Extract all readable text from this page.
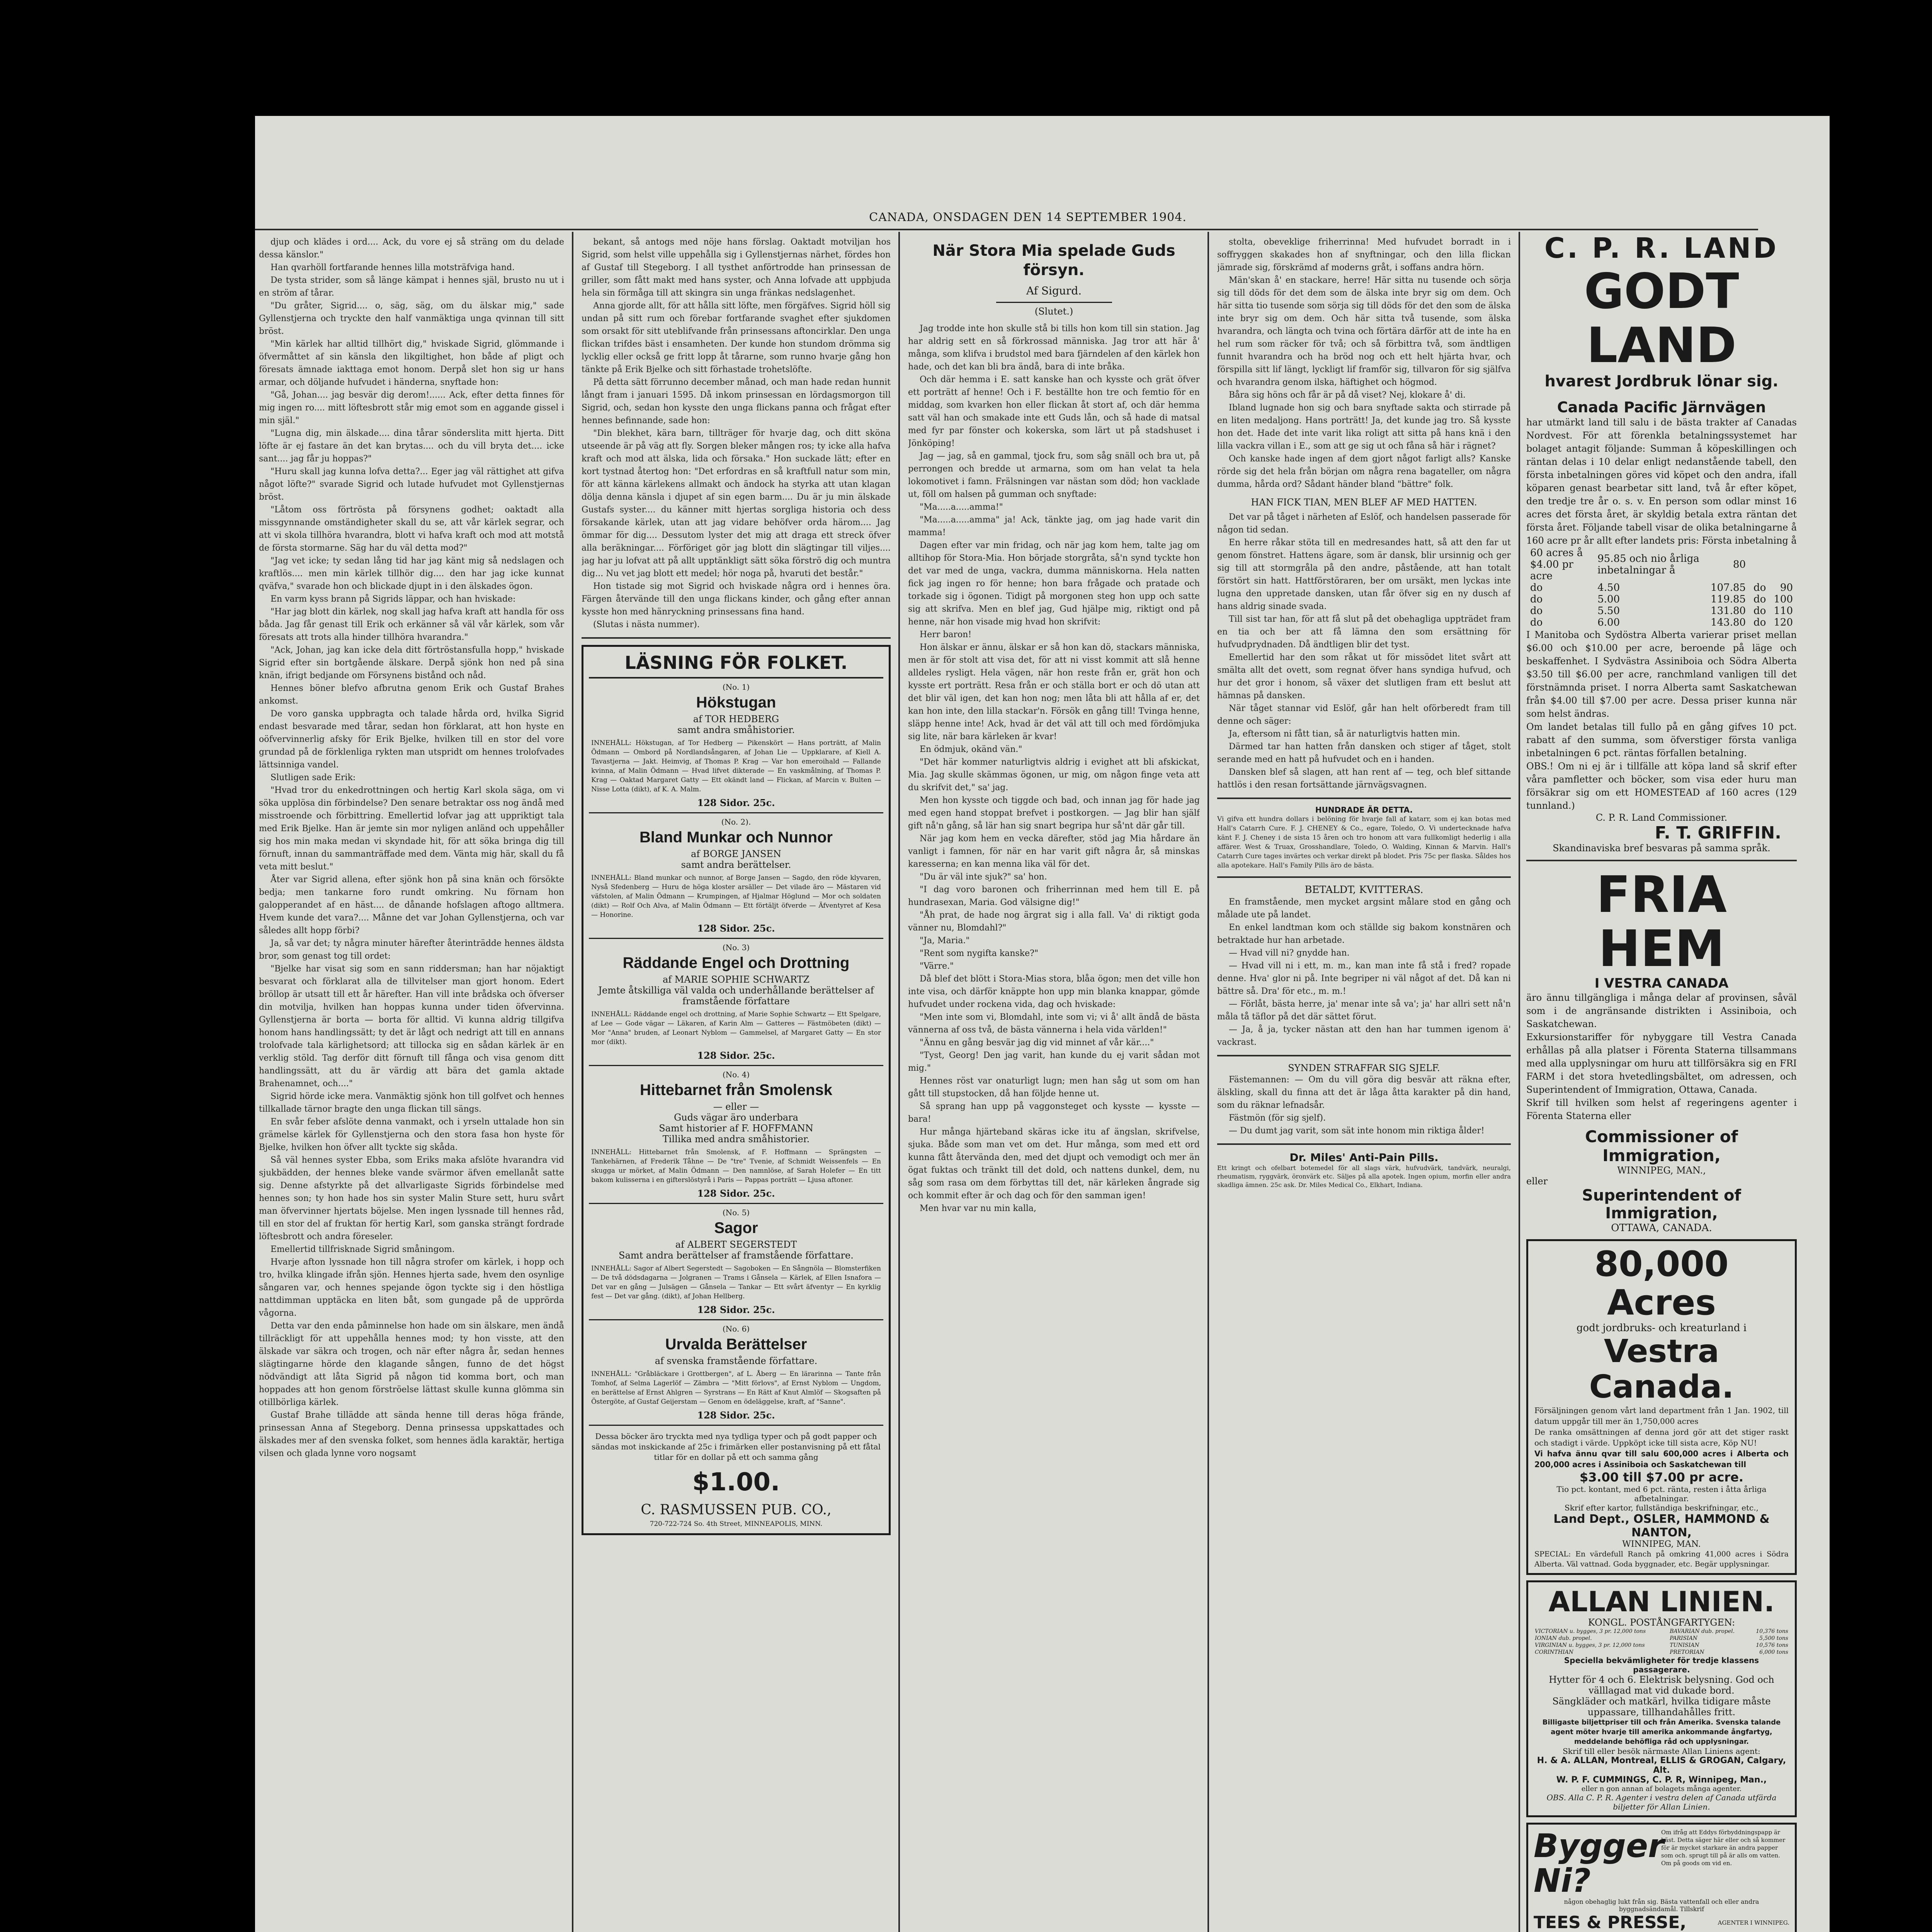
CANADA, ONSDAGEN DEN 14 SEPTEMBER 1904.

djup och klädes i ord.... Ack, du vore ej så sträng om du delade dessa känslor."

Han qvarhöll fortfarande hennes lilla motsträfviga hand.

De tysta strider, som så länge kämpat i hennes själ, brusto nu ut i en ström af tårar.

"Du gråter, Sigrid.... o, säg, säg, om du älskar mig," sade Gyllenstjerna och tryckte den half vanmäktiga unga qvinnan till sitt bröst.

"Min kärlek har alltid tillhört dig," hviskade Sigrid, glömmande i öfvermåttet af sin känsla den likgiltighet, hon både af pligt och föresats ämnade iakttaga emot honom. Derpå slet hon sig ur hans armar, och döljande hufvudet i händerna, snyftade hon:

"Gå, Johan.... jag besvär dig derom!...... Ack, efter detta finnes för mig ingen ro.... mitt löftesbrott står mig emot som en aggande gissel i min själ."

"Lugna dig, min älskade.... dina tårar sönderslita mitt hjerta. Ditt löfte är ej fastare än det kan brytas.... och du vill bryta det.... icke sant.... jag får ju hoppas?"

"Huru skall jag kunna lofva detta?... Eger jag väl rättighet att gifva något löfte?" svarade Sigrid och lutade hufvudet mot Gyllenstjernas bröst.

"Låtom oss förtrösta på försynens godhet; oaktadt alla missgynnande omständigheter skall du se, att vår kärlek segrar, och att vi skola tillhöra hvarandra, blott vi hafva kraft och mod att motstå de första stormarne. Säg har du väl detta mod?"

"Jag vet icke; ty sedan lång tid har jag känt mig så nedslagen och kraftlös.... men min kärlek tillhör dig.... den har jag icke kunnat qväfva," svarade hon och blickade djupt in i den älskades ögon.

En varm kyss brann på Sigrids läppar, och han hviskade:

"Har jag blott din kärlek, nog skall jag hafva kraft att handla för oss båda. Jag får genast till Erik och erkänner så väl vår kärlek, som vår föresats att trots alla hinder tillhöra hvarandra."

"Ack, Johan, jag kan icke dela ditt förtröstansfulla hopp," hviskade Sigrid efter sin bortgående älskare. Derpå sjönk hon ned på sina knän, ifrigt bedjande om Försynens bistånd och nåd.

Hennes böner blefvo afbrutna genom Erik och Gustaf Brahes ankomst.

De voro ganska uppbragta och talade hårda ord, hvilka Sigrid endast besvarade med tårar, sedan hon förklarat, att hon hyste en oöfvervinnerlig afsky för Erik Bjelke, hvilken till en stor del vore grundad på de förklenliga rykten man utspridt om hennes trolofvades lättsinniga vandel.

Slutligen sade Erik:

"Hvad tror du enkedrottningen och hertig Karl skola säga, om vi söka upplösa din förbindelse? Den senare betraktar oss nog ändå med misstroende och förbittring. Emellertid lofvar jag att uppriktigt tala med Erik Bjelke. Han är jemte sin mor nyligen anländ och uppehåller sig hos min maka medan vi skyndade hit, för att söka bringa dig till förnuft, innan du sammanträffade med dem. Vänta mig här, skall du få veta mitt beslut."

Åter var Sigrid allena, efter sjönk hon på sina knän och försökte bedja; men tankarne foro rundt omkring. Nu förnam hon galopperandet af en häst.... de dånande hofslagen aftogo alltmera. Hvem kunde det vara?.... Månne det var Johan Gyllenstjerna, och var således allt hopp förbi?

Ja, så var det; ty några minuter härefter återinträdde hennes äldsta bror, som genast tog till ordet:

"Bjelke har visat sig som en sann riddersman; han har nöjaktigt besvarat och förklarat alla de tillvitelser man gjort honom. Edert bröllop är utsatt till ett år härefter. Han vill inte brådska och öfverser din motvilja, hvilken han hoppas kunna under tiden öfvervinna. Gyllenstjerna är borta — borta för alltid. Vi kunna aldrig tillgifva honom hans handlingssätt; ty det är lågt och nedrigt att till en annans trolofvade tala kärlighetsord; att tillocka sig en sådan kärlek är en verklig stöld. Tag derför ditt förnuft till fånga och visa genom ditt handlingssätt, att du är värdig att bära det gamla aktade Brahenamnet, och...."

Sigrid hörde icke mera. Vanmäktig sjönk hon till golfvet och hennes tillkallade tärnor bragte den unga flickan till sängs.

En svår feber afslöte denna vanmakt, och i yrseln uttalade hon sin grämelse kärlek för Gyllenstjerna och den stora fasa hon hyste för Bjelke, hvilken hon öfver allt tyckte sig skåda.

Så väl hennes syster Ebba, som Eriks maka afslöte hvarandra vid sjukbädden, der hennes bleke vande svärmor äfven emellanåt satte sig. Denne afstyrkte på det allvarligaste Sigrids förbindelse med hennes son; ty hon hade hos sin syster Malin Sture sett, huru svårt man öfvervinner hjertats böjelse. Men ingen lyssnade till hennes råd, till en stor del af fruktan för hertig Karl, som ganska strängt fordrade löftesbrott och andra föreseler.

Emellertid tillfrisknade Sigrid småningom.

Hvarje afton lyssnade hon till några strofer om kärlek, i hopp och tro, hvilka klingade ifrån sjön. Hennes hjerta sade, hvem den osynlige sångaren var, och hennes spejande ögon tyckte sig i den höstliga nattdimman upptäcka en liten båt, som gungade på de upprörda vågorna.

Detta var den enda påminnelse hon hade om sin älskare, men ändå tillräckligt för att uppehålla hennes mod; ty hon visste, att den älskade var säkra och trogen, och när efter några år, sedan hennes slägtingarne hörde den klagande sången, funno de det högst nödvändigt att låta Sigrid på någon tid komma bort, och man hoppades att hon genom förströelse lättast skulle kunna glömma sin otillbörliga kärlek.

Gustaf Brahe tillädde att sända henne till deras höga frände, prinsessan Anna af Stegeborg. Denna prinsessa uppskattades och älskades mer af den svenska folket, som hennes ädla karaktär, hertiga vilsen och glada lynne voro nogsamt

bekant, så antogs med nöje hans förslag. Oaktadt motviljan hos Sigrid, som helst ville uppehålla sig i Gyllenstjernas närhet, fördes hon af Gustaf till Stegeborg. I all tysthet anförtrodde han prinsessan de griller, som fått makt med hans syster, och Anna lofvade att uppbjuda hela sin förmåga till att skingra sin unga fränkas nedslagenhet.

Anna gjorde allt, för att hålla sitt löfte, men förgäfves. Sigrid höll sig undan på sitt rum och förebar fortfarande svaghet efter sjukdomen som orsakt för sitt uteblifvande från prinsessans aftoncirklar. Den unga flickan trifdes bäst i ensamheten. Der kunde hon stundom drömma sig lycklig eller också ge fritt lopp åt tårarne, som runno hvarje gång hon tänkte på Erik Bjelke och sitt förhastade trohetslöfte.

På detta sätt förrunno december månad, och man hade redan hunnit långt fram i januari 1595. Då inkom prinsessan en lördagsmorgon till Sigrid, och, sedan hon kysste den unga flickans panna och frågat efter hennes befinnande, sade hon:

"Din blekhet, kära barn, tillträger för hvarje dag, och ditt sköna utseende är på väg att fly. Sorgen bleker mången ros; ty icke alla hafva kraft och mod att älska, lida och försaka." Hon suckade lätt; efter en kort tystnad återtog hon: "Det erfordras en så kraftfull natur som min, för att känna kärlekens allmakt och ändock ha styrka att utan klagan dölja denna känsla i djupet af sin egen barm.... Du är ju min älskade Gustafs syster.... du känner mitt hjertas sorgliga historia och dess försakande kärlek, utan att jag vidare behöfver orda härom.... Jag ömmar för dig.... Dessutom lyster det mig att draga ett streck öfver alla beräkningar.... Förföriget gör jag blott din slägtingar till viljes.... jag har ju lofvat att på allt upptänkligt sätt söka förströ dig och muntra dig... Nu vet jag blott ett medel; hör noga på, hvaruti det består."

Hon tistade sig mot Sigrid och hviskade några ord i hennes öra. Färgen återvände till den unga flickans kinder, och gång efter annan kysste hon med hänryckning prinsessans fina hand.

(Slutas i nästa nummer).

LÄSNING FÖR FOLKET.
(No. 1)
Hökstugan
af TOR HEDBERG
samt andra småhistorier.
INNEHÅLL: Hökstugan, af Tor Hedberg — Pikenskört — Hans porträtt, af Malin Ödmann — Ombord på Nordlandsångaren, af Johan Lie — Uppklarare, af Kiell A. Tavastjerna — Jakt. Heimvig, af Thomas P. Krag — Var hon emeroihald — Fallande kvinna, af Malin Ödmann — Hvad lifvet dikterade — En vaskmålning, af Thomas P. Krag — Oaktad Margaret Gatty — Ett okändt land — Flickan, af Marcin v. Bulten — Nisse Lotta (dikt), af K. A. Malm.
128 Sidor. 25c.
(No. 2).
Bland Munkar och Nunnor
af BORGE JANSEN
samt andra berättelser.
INNEHÅLL: Bland munkar och nunnor, af Borge Jansen — Sagdo, den röde klyvaren, Nyså Sfedenberg — Huru de höga kloster arsäller — Det vilade äro — Mästaren vid väfstolen, af Malin Ödmann — Krumpingen, af Hjalmar Höglund — Mor och soldaten (dikt) — Rolf Och Alva, af Malin Ödmann — Ett förtäljt öfverde — Äfventyret af Kesa — Honorine.
128 Sidor. 25c.
(No. 3)
Räddande Engel och Drottning
af MARIE SOPHIE SCHWARTZ
Jemte åtskilliga väl valda och underhållande berättelser af framstående författare
INNEHÅLL: Räddande engel och drottning, af Marie Sophie Schwartz — Ett Spelgare, af Lee — Gode vägar — Läkaren, af Karin Alm — Gatteres — Fästmöbeten (dikt) — Mor "Anna" bruden, af Leonart Nyblom — Gammelsel, af Margaret Gatty — En stor mor (dikt).
128 Sidor. 25c.
(No. 4)
Hittebarnet från Smolensk
— eller —
Guds vägar äro underbara
Samt historier af F. HOFFMANN
Tillika med andra småhistorier.
INNEHÅLL: Hittebarnet från Smolensk, af F. Hoffmann — Sprängsten — Tankehärnen, af Frederik Tåhne — De "tre" Tvenie, af Schmidt Weissenfels — En skugga ur mörket, af Malin Ödmann — Den namnlöse, af Sarah Holefer — En titt bakom kulisserna i en gifterslöstyrå i Paris — Pappas porträtt — Ljusa aftoner.
128 Sidor. 25c.
(No. 5)
Sagor
af ALBERT SEGERSTEDT
Samt andra berättelser af framstående författare.
INNEHÅLL: Sagor af Albert Segerstedt — Sagoboken — En Sångnöla — Blomsterfiken — De två dödsdagarna — Jolgranen — Trams i Gånsela — Kärlek, af Ellen Isnafora — Det var en gång — Julsägen — Gånsela — Tankar — Ett svårt äfventyr — En kyrklig fest — Det var gång. (dikt), af Johan Hellberg.
128 Sidor. 25c.
(No. 6)
Urvalda Berättelser
af svenska framstående författare.
INNEHÅLL: "Gråbläckare i Grottbergen", af L. Åberg — En lärarinna — Tante från Tomhof, af Selma Lagerlöf — Zämbra — "Mitt förlovs", af Ernst Nyblom — Ungdom, en berättelse af Ernst Ahlgren — Syrstrans — En Rätt af Knut Almlöf — Skogsaften på Östergöte, af Gustaf Geijerstam — Genom en ödeläggelse, kraft, af "Sanne".
128 Sidor. 25c.
Dessa böcker äro tryckta med nya tydliga typer och på godt papper och sändas mot inskickande af 25c i frimärken eller postanvisning på ett fåtal titlar för en dollar på ett och samma gång
$1.00.
C. RASMUSSEN PUB. CO.,
720-722-724 So. 4th Street, MINNEAPOLIS, MINN.
När Stora Mia spelade Guds försyn.
Af Sigurd.
(Slutet.)

Jag trodde inte hon skulle stå bi tills hon kom till sin station. Jag har aldrig sett en så förkrossad människa. Jag tror att här å' många, som klifva i brudstol med bara fjärndelen af den kärlek hon hade, och det kan bli bra ändå, bara di inte bråka.

Och där hemma i E. satt kanske han och kysste och grät öfver ett porträtt af henne! Och i F. beställte hon tre och femtio för en middag, som kvarken hon eller flickan åt stort af, och där hemma satt väl han och smakade inte ett Guds lån, och så hade di matsal med fyr par fönster och kokerska, som lärt ut på stadshuset i Jönköping!

Jag — jag, så en gammal, tjock fru, som såg snäll och bra ut, på perrongen och bredde ut armarna, som om han velat ta hela lokomotivet i famn. Frälsningen var nästan som död; hon vacklade ut, föll om halsen på gumman och snyftade:

"Ma.....a.....amma!"

"Ma.....a.....amma" ja! Ack, tänkte jag, om jag hade varit din mamma!

Dagen efter var min fridag, och när jag kom hem, talte jag om alltihop för Stora-Mia. Hon började storgråta, så'n synd tyckte hon det var med de unga, vackra, dumma människorna. Hela natten fick jag ingen ro för henne; hon bara frågade och pratade och torkade sig i ögonen. Tidigt på morgonen steg hon upp och satte sig att skrifva. Men en blef jag, Gud hjälpe mig, riktigt ond på henne, när hon visade mig hvad hon skrifvit:

Herr baron!

Hon älskar er ännu, älskar er så hon kan dö, stackars människa, men är för stolt att visa det, för att ni visst kommit att slå henne alldeles rysligt. Hela vägen, när hon reste från er, grät hon och kysste ert porträtt. Resa från er och ställa bort er och dö utan att det blir väl igen, det kan hon nog; men låta bli att hålla af er, det kan hon inte, den lilla stackar'n. Försök en gång till! Tvinga henne, släpp henne inte! Ack, hvad är det väl att till och med fördömjuka sig lite, när bara kärleken är kvar!

En ödmjuk, okänd vän."

"Det här kommer naturligtvis aldrig i evighet att bli afskickat, Mia. Jag skulle skämmas ögonen, ur mig, om någon finge veta att du skrifvit det," sa' jag.

Men hon kysste och tiggde och bad, och innan jag för hade jag med egen hand stoppat brefvet i postkorgen. — Jag blir han själf gift nå'n gång, så lär han sig snart begripa hur så'nt där går till.

När jag kom hem en vecka därefter, stöd jag Mia hårdare än vanligt i famnen, för när en har varit gift några år, så minskas karesserna; en kan menna lika väl för det.

"Du är väl inte sjuk?" sa' hon.

"I dag voro baronen och friherrinnan med hem till E. på hundrasexan, Maria. God välsigne dig!"

"Åh prat, de hade nog ärgrat sig i alla fall. Va' di riktigt goda vänner nu, Blomdahl?"

"Ja, Maria."

"Rent som nygifta kanske?"

"Värre."

Då blef det blött i Stora-Mias stora, blåa ögon; men det ville hon inte visa, och därför knäppte hon upp min blanka knappar, gömde hufvudet under rockena vida, dag och hviskade:

"Men inte som vi, Blomdahl, inte som vi; vi å' allt ändå de bästa vännerna af oss två, de bästa vännerna i hela vida världen!"

"Ännu en gång besvär jag dig vid minnet af vår kär...."

"Tyst, Georg! Den jag varit, han kunde du ej varit sådan mot mig."

Hennes röst var onaturligt lugn; men han såg ut som om han gått till stupstocken, då han följde henne ut.

Så sprang han upp på vaggonsteget och kysste — kysste — bara!

Hur många hjärteband skäras icke itu af ängslan, skrifvelse, sjuka. Både som man vet om det. Hur många, som med ett ord kunna fått återvända den, med det djupt och vemodigt och mer än ögat fuktas och tränkt till det dold, och nattens dunkel, dem, nu såg som rasa om dem förbyttas till det, när kärleken ångrade sig och kommit efter är och dag och för den samman igen!

Men hvar var nu min kalla,

stolta, obeveklige friherrinna! Med hufvudet borradt in i soffryggen skakades hon af snyftningar, och den lilla flickan jämrade sig, förskrämd af moderns gråt, i soffans andra hörn.

Män'skan å' en stackare, herre! Här sitta nu tusende och sörja sig till döds för det dem som de älska inte bryr sig om dem. Och här sitta tio tusende som sörja sig till döds för det den som de älska inte bryr sig om dem. Och här sitta två tusende, som älska hvarandra, och längta och tvina och förtära därför att de inte ha en hel rum som räcker för två; och så förbittra två, som ändtligen funnit hvarandra och ha bröd nog och ett helt hjärta hvar, och förspilla sitt lif längt, lyckligt lif framför sig, tillvaron för sig själfva och hvarandra genom ilska, häftighet och högmod.

Båra sig höns och får är på då viset? Nej, klokare å' di.

Ibland lugnade hon sig och bara snyftade sakta och stirrade på en liten medaljong. Hans porträtt! Ja, det kunde jag tro. Så kysste hon det. Hade det inte varit lika roligt att sitta på hans knä i den lilla vackra villan i E., som att ge sig ut och fåna så här i rägnet?

Och kanske hade ingen af dem gjort något farligt alls? Kanske rörde sig det hela från början om några rena bagateller, om några dumma, hårda ord? Sådant händer bland "bättre" folk.

HAN FICK TIAN, MEN BLEF AF MED HATTEN.

Det var på tåget i närheten af Eslöf, och handelsen passerade för någon tid sedan.

En herre råkar stöta till en medresandes hatt, så att den far ut genom fönstret. Hattens ägare, som är dansk, blir ursinnig och ger sig till att stormgråla på den andre, påstående, att han totalt förstört sin hatt. Hattförstöraren, ber om ursäkt, men lyckas inte lugna den uppretade dansken, utan får öfver sig en ny dusch af hans aldrig sinade svada.

Till sist tar han, för att få slut på det obehagliga uppträdet fram en tia och ber att få lämna den som ersättning för hufvudprydnaden. Då ändtligen blir det tyst.

Emellertid har den som råkat ut för missödet litet svårt att smälta allt det ovett, som regnat öfver hans syndiga hufvud, och hur det gror i honom, så växer det slutligen fram ett beslut att hämnas på dansken.

När tåget stannar vid Eslöf, går han helt oförberedt fram till denne och säger:

Ja, eftersom ni fått tian, så är naturligtvis hatten min.

Därmed tar han hatten från dansken och stiger af tåget, stolt serande med en hatt på hufvudet och en i handen.

Dansken blef så slagen, att han rent af — teg, och blef sittande hattlös i den resan fortsättande järnvägsvagnen.

HUNDRADE ÄR DETTA.
Vi gifva ett hundra dollars i belöning för hvarje fall af katarr, som ej kan botas med Hall's Catarrh Cure. F. J. CHENEY & Co., egare, Toledo, O. Vi undertecknade hafva känt F. J. Cheney i de sista 15 åren och tro honom att vara fullkomligt hederlig i alla affärer. West & Truax, Grosshandlare, Toledo, O. Walding, Kinnan & Marvin. Hall's Catarrh Cure tages invärtes och verkar direkt på blodet. Pris 75c per flaska. Såldes hos alla apotekare. Hall's Family Pills äro de bästa.
BETALDT, KVITTERAS.

En framstående, men mycket argsint målare stod en gång och målade ute på landet.

En enkel landtman kom och ställde sig bakom konstnären och betraktade hur han arbetade.

— Hvad vill ni? gnydde han.

— Hvad vill ni i ett, m. m., kan man inte få stå i fred? ropade denne. Hva' glor ni på. Inte begriper ni väl något af det. Då kan ni bättre så. Dra' för etc., m. m.!

— Förlåt, bästa herre, ja' menar inte så va'; ja' har allri sett nå'n måla tå täflor på det där sättet förut.

— Ja, å ja, tycker nästan att den han har tummen igenom ä' vackrast.

SYNDEN STRAFFAR SIG SJELF.

Fästemannen: — Om du vill göra dig besvär att räkna efter, älskling, skall du finna att det är låga åtta karakter på din hand, som du räknar lefnadsår.

Fästmön (för sig sjelf).

— Du dumt jag varit, som sät inte honom min riktiga ålder!

Dr. Miles' Anti-Pain Pills.
Ett kringt och ofelbart botemedel för all slags värk, hufvudvärk, tandvärk, neuralgi, rheumatism, ryggvärk, öronvärk etc. Säljes på alla apotek. Ingen opium, morfin eller andra skadliga ämnen. 25c ask. Dr. Miles Medical Co., Elkhart, Indiana.
C. P. R. LAND
GODT LAND
hvarest Jordbruk lönar sig.
Canada Pacific Järnvägen
har utmärkt land till salu i de bästa trakter af Canadas Nordvest. För att förenkla betalningssystemet har bolaget antagit följande: Summan å köpeskillingen och räntan delas i 10 delar enligt nedanstående tabell, den första inbetalningen göres vid köpet och den andra, ifall köparen genast bearbetar sitt land, två år efter köpet, den tredje tre år o. s. v. En person som odlar minst 16 acres det första året, är skyldig betala extra räntan det första året. Följande tabell visar de olika betalningarne å 160 acre pr år allt efter landets pris: Första inbetalning å
60 acres å $4.00 pr acre	95.85 och nio årliga inbetalningar å	80		
do	4.50	107.85	do	90
do	5.00	119.85	do	100
do	5.50	131.80	do	110
do	6.00	143.80	do	120
I Manitoba och Sydöstra Alberta varierar priset mellan $6.00 och $10.00 per acre, beroende på läge och beskaffenhet. I Sydvästra Assiniboia och Södra Alberta $3.50 till $6.00 per acre, ranchmland vanligen till det förstnämnda priset. I norra Alberta samt Saskatchewan från $4.00 till $7.00 per acre. Dessa priser kunna när som helst ändras.
Om landet betalas till fullo på en gång gifves 10 pct. rabatt af den summa, som öfverstiger första vanliga inbetalningen 6 pct. räntas förfallen betalning.
OBS.! Om ni ej är i tillfälle att köpa land så skrif efter våra pamfletter och böcker, som visa eder huru man försäkrar sig om ett HOMESTEAD af 160 acres (129 tunnland.)
C. P. R. Land Commissioner.
F. T. GRIFFIN.
Skandinaviska bref besvaras på samma språk.
FRIA HEM
I VESTRA CANADA
äro ännu tillgängliga i många delar af provinsen, såväl som i de angränsande distrikten i Assiniboia, och Saskatchewan.
Exkursionstariffer för nybyggare till Vestra Canada erhållas på alla platser i Förenta Staterna tillsammans med alla upplysningar om huru att tillförsäkra sig en FRI FARM i det stora hvetedlingsbältet, om adressen, och Superintendent of Immigration, Ottawa, Canada.
Skrif till hvilken som helst af regeringens agenter i Förenta Staterna eller
Commissioner of Immigration,
WINNIPEG, MAN.,
eller
Superintendent of Immigration,
OTTAWA, CANADA.
80,000 Acres
godt jordbruks- och kreaturland i
Vestra Canada.
Försäljningen genom vårt land department från 1 Jan. 1902, till datum uppgår till mer än 1,750,000 acres
De ranka omsättningen af denna jord gör att det stiger raskt och stadigt i värde. Uppköpt icke till sista acre, Köp NU!
Vi hafva ännu qvar till salu 600,000 acres i Alberta och 200,000 acres i Assiniboia och Saskatchewan till
$3.00 till $7.00 pr acre.
Tio pct. kontant, med 6 pct. ränta, resten i åtta årliga afbetalningar.
Skrif efter kartor, fullständiga beskrifningar, etc.,
Land Dept., OSLER, HAMMOND & NANTON,
WINNIPEG, MAN.
SPECIAL: En värdefull Ranch på omkring 41,000 acres i Södra Alberta. Väl vattnad. Goda byggnader, etc. Begär upplysningar.
ALLAN LINIEN.
KONGL. POSTÅNGFARTYGEN:
VICTORIAN u. bygges, 3 pr. 12,000 tons	BAVARIAN dub. propel.	10,376 tons
IONIAN dub. propel.	PARISIAN	5,500 tons
VIRGINIAN u. bygges, 3 pr. 12,000 tons	TUNISIAN	10,576 tons
CORINTHIAN	PRETORIAN	6,000 tons
Speciella bekvämligheter för tredje klassens passagerare.
Hytter för 4 och 6. Elektrisk belysning. God och välllagad mat vid dukade bord.
Sängkläder och matkärl, hvilka tidigare måste uppassare, tillhandahålles fritt.
Billigaste biljettpriser till och från Amerika. Svenska talande agent möter hvarje till amerika ankommande ångfartyg, meddelande behöfliga råd och upplysningar.
Skrif till eller besök närmaste Allan Liniens agent:
H. & A. ALLAN, Montreal, ELLIS & GROGAN, Calgary, Alt.
W. P. F. CUMMINGS, C. P. R, Winnipeg, Man.,
eller n gon annan af bolagets många agenter.
OBS. Alla C. P. R. Agenter i vestra delen af Canada utfärda biljetter för Allan Linien.
Bygger Ni?
Om ifråg att Eddys förbyddningspapp är bäst. Detta säger här eller och så kommer för är mycket starkare än andra papper som och. sprugt till på är alls om vatten. Om på goods om vid en.
någon obehaglig lukt från sig. Bästa vattenfall och eller andra byggnadsändamål. Tillskrif
TEES & PRESSE,	AGENTER I WINNIPEG.
